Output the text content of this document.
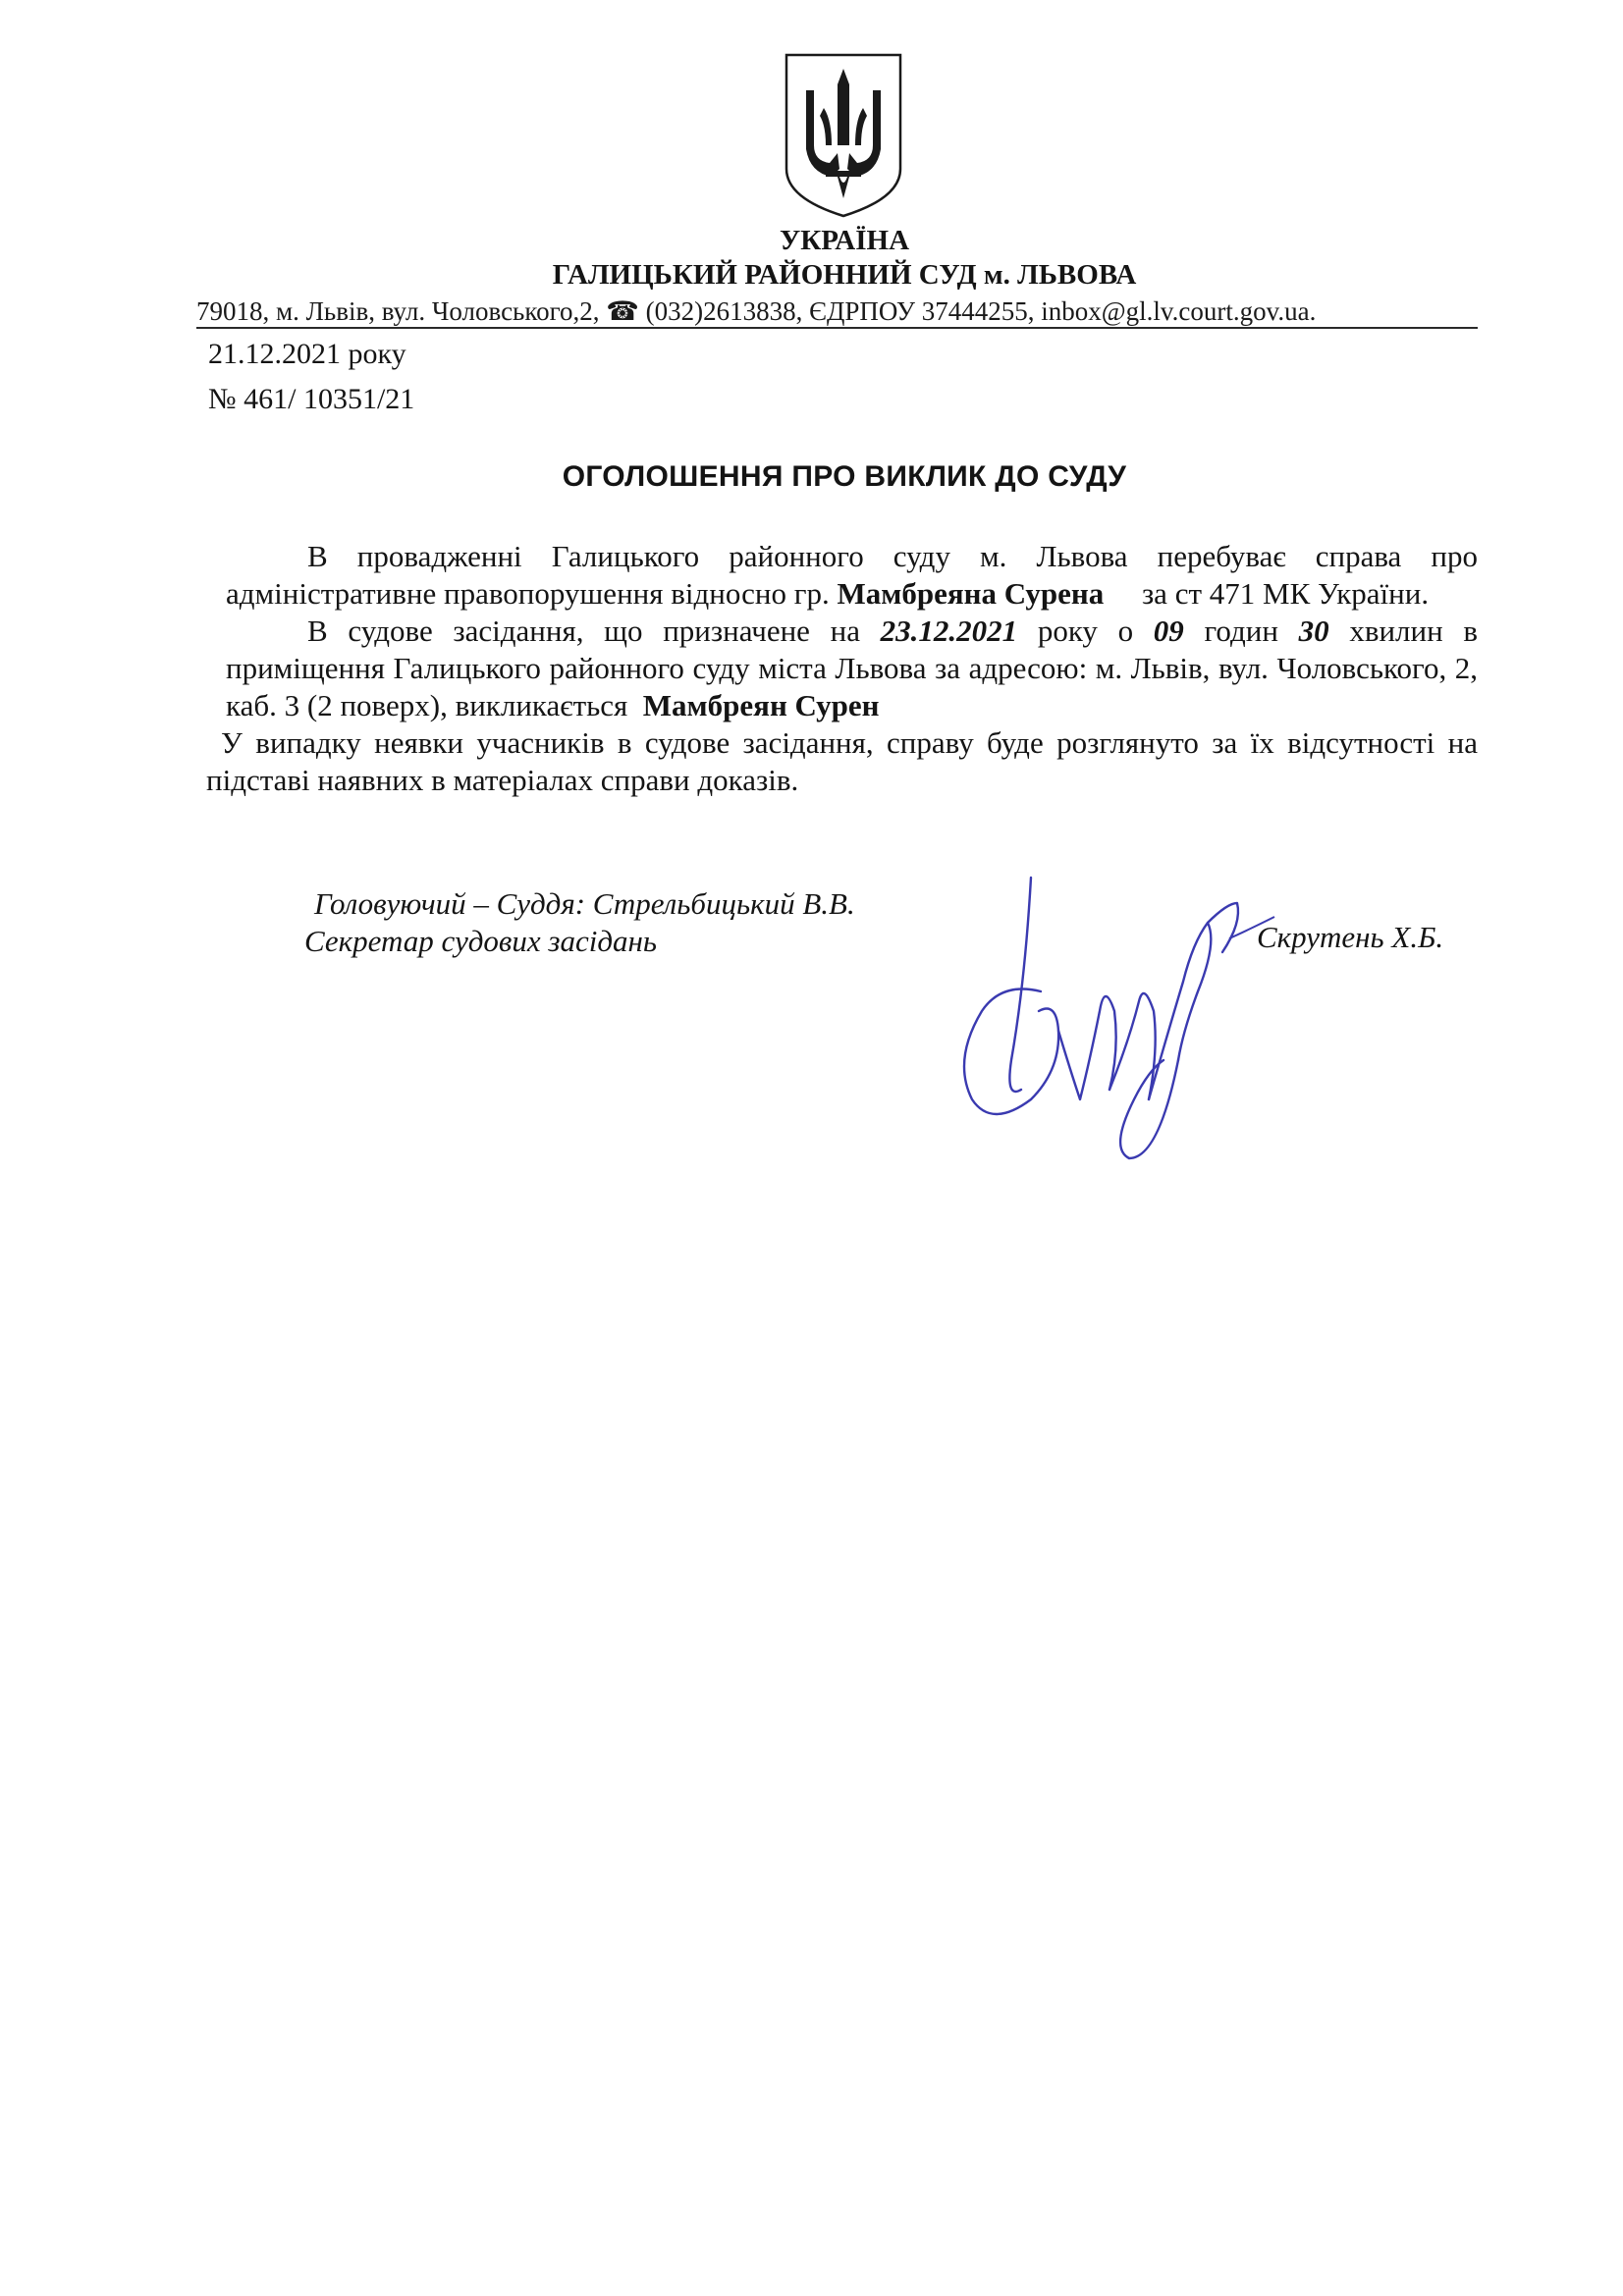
УКРАЇНА
ГАЛИЦЬКИЙ РАЙОННИЙ СУД м. ЛЬВОВА
79018, м. Львів, вул. Чоловського,2, ☎ (032)2613838, ЄДРПОУ 37444255, inbox@gl.lv.court.gov.ua.
21.12.2021 року
№ 461/ 10351/21
ОГОЛОШЕННЯ ПРО ВИКЛИК ДО СУДУ

В провадженні Галицького районного суду м. Львова перебуває справа про адміністративне правопорушення відносно гр. Мамбреяна Сурена за ст 471 МК України.

В судове засідання, що призначене на 23.12.2021 року о 09 годин 30 хвилин в приміщення Галицького районного суду міста Львова за адресою: м. Львів, вул. Чоловського, 2, каб. 3 (2 поверх), викликається Мамбреян Сурен

У випадку неявки учасників в судове засідання, справу буде розглянуто за їх відсутності на підставі наявних в матеріалах справи доказів.

Головуючий – Суддя: Стрельбицький В.В.
Секретар судових засідань	Скрутень Х.Б.
